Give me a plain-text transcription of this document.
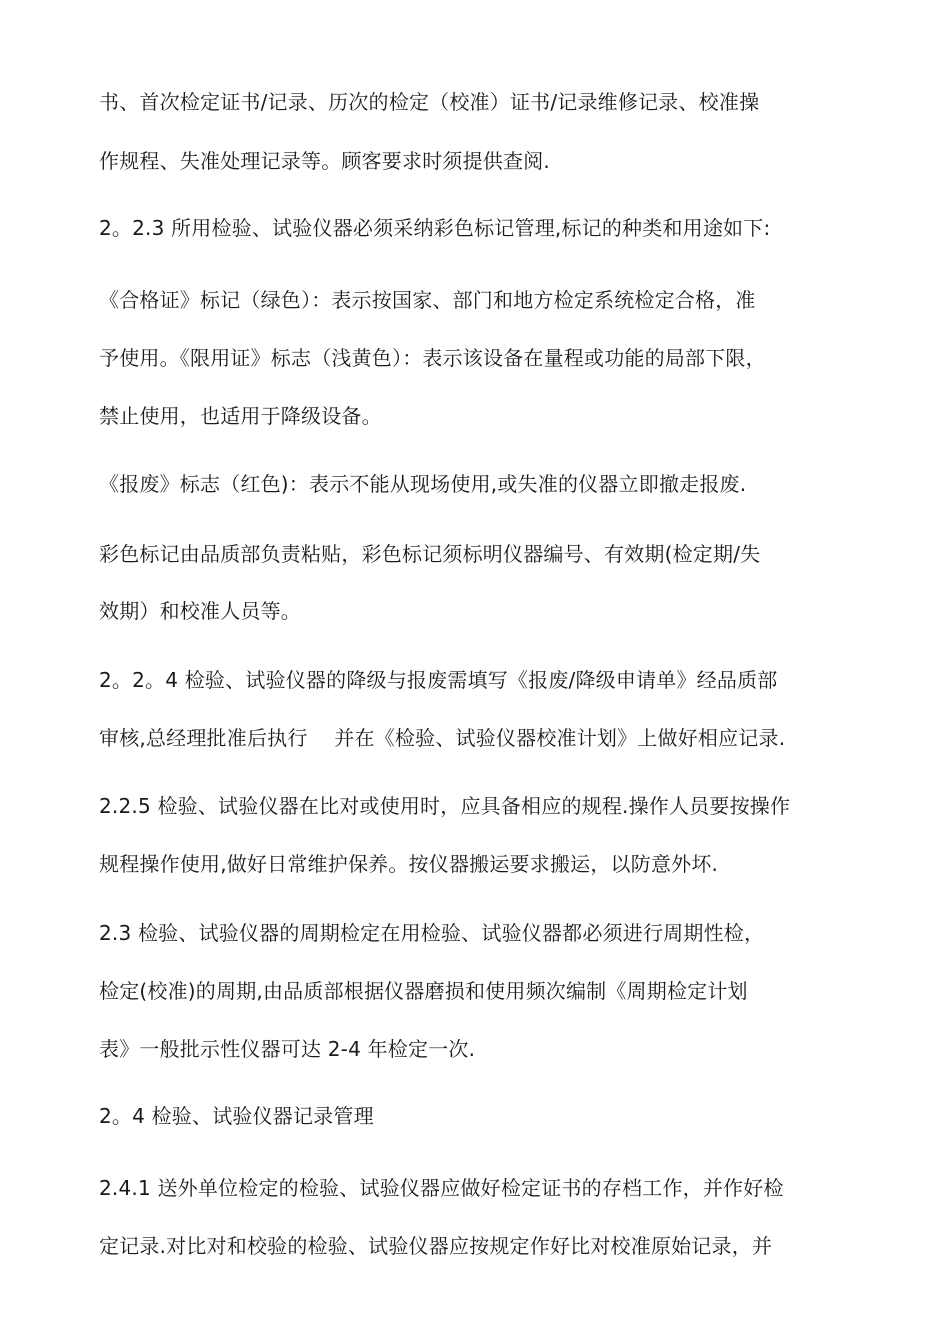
书、首次检定证书/记录、历次的检定（校准）证书/记录维修记录、校准操
作规程、失准处理记录等。顾客要求时须提供查阅.
2。2.3 所用检验、试验仪器必须采纳彩色标记管理,标记的种类和用途如下:
《合格证》标记（绿色）：表示按国家、部门和地方检定系统检定合格，准
予使用。《限用证》标志（浅黄色）：表示该设备在量程或功能的局部下限，
禁止使用，也适用于降级设备。
《报废》标志（红色)：表示不能从现场使用,或失准的仪器立即撤走报废.
彩色标记由品质部负责粘贴，彩色标记须标明仪器编号、有效期(检定期/失
效期）和校准人员等。
2。2。4 检验、试验仪器的降级与报废需填写《报废/降级申请单》经品质部
审核,总经理批准后执行　 并在《检验、试验仪器校准计划》上做好相应记录.
2.2.5 检验、试验仪器在比对或使用时，应具备相应的规程.操作人员要按操作
规程操作使用,做好日常维护保养。按仪器搬运要求搬运，以防意外坏.
2.3 检验、试验仪器的周期检定在用检验、试验仪器都必须进行周期性检，
检定(校准)的周期,由品质部根据仪器磨损和使用频次编制《周期检定计划
表》一般批示性仪器可达 2-4 年检定一次.
2。4 检验、试验仪器记录管理
2.4.1 送外单位检定的检验、试验仪器应做好检定证书的存档工作，并作好检
定记录.对比对和校验的检验、试验仪器应按规定作好比对校准原始记录，并
